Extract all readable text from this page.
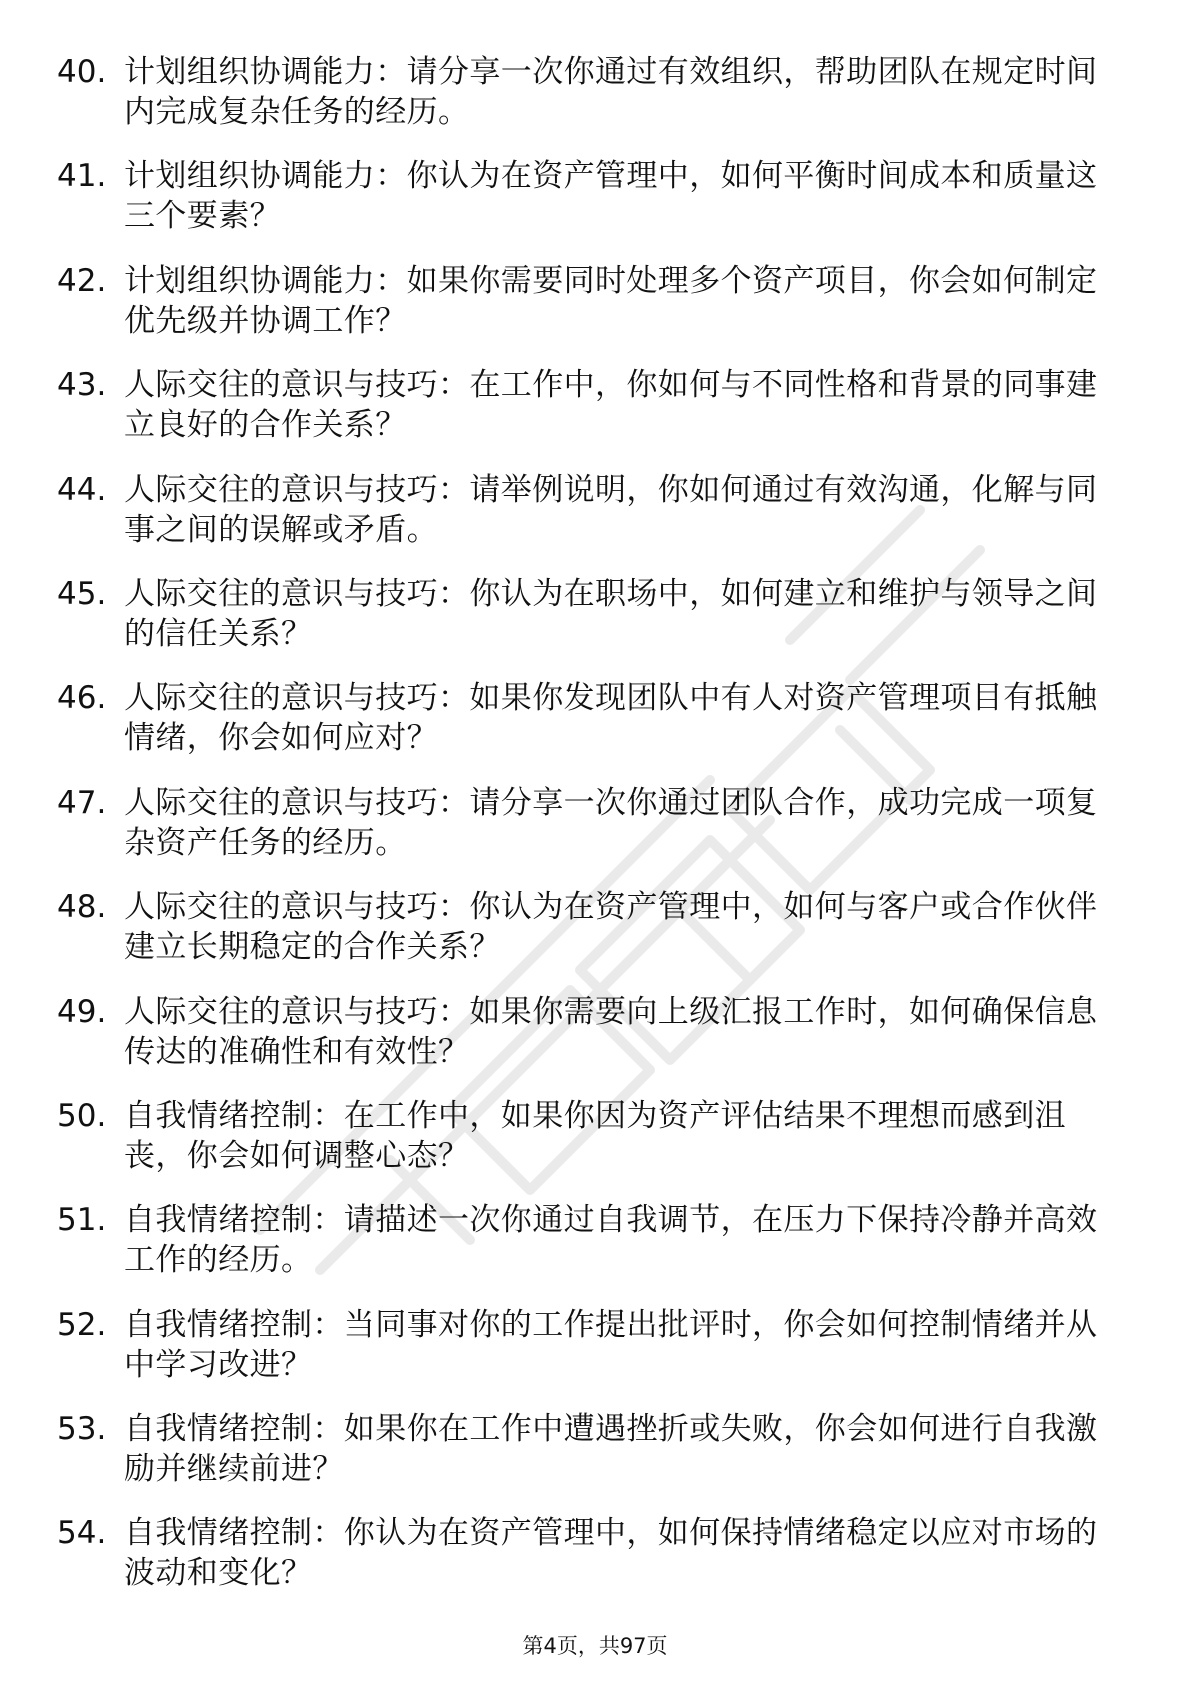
40. 计划组织协调能力：请分享一次你通过有效组织，帮助团队在规定时间内完成复杂任务的经历。
41. 计划组织协调能力：你认为在资产管理中，如何平衡时间成本和质量这三个要素？
42. 计划组织协调能力：如果你需要同时处理多个资产项目，你会如何制定优先级并协调工作？
43. 人际交往的意识与技巧：在工作中，你如何与不同性格和背景的同事建立良好的合作关系？
44. 人际交往的意识与技巧：请举例说明，你如何通过有效沟通，化解与同事之间的误解或矛盾。
45. 人际交往的意识与技巧：你认为在职场中，如何建立和维护与领导之间的信任关系？
46. 人际交往的意识与技巧：如果你发现团队中有人对资产管理项目有抵触情绪，你会如何应对？
47. 人际交往的意识与技巧：请分享一次你通过团队合作，成功完成一项复杂资产任务的经历。
48. 人际交往的意识与技巧：你认为在资产管理中，如何与客户或合作伙伴建立长期稳定的合作关系？
49. 人际交往的意识与技巧：如果你需要向上级汇报工作时，如何确保信息传达的准确性和有效性？
50. 自我情绪控制：在工作中，如果你因为资产评估结果不理想而感到沮丧，你会如何调整心态？
51. 自我情绪控制：请描述一次你通过自我调节，在压力下保持冷静并高效工作的经历。
52. 自我情绪控制：当同事对你的工作提出批评时，你会如何控制情绪并从中学习改进？
53. 自我情绪控制：如果你在工作中遭遇挫折或失败，你会如何进行自我激励并继续前进？
54. 自我情绪控制：你认为在资产管理中，如何保持情绪稳定以应对市场的波动和变化？
第4页，共97页
